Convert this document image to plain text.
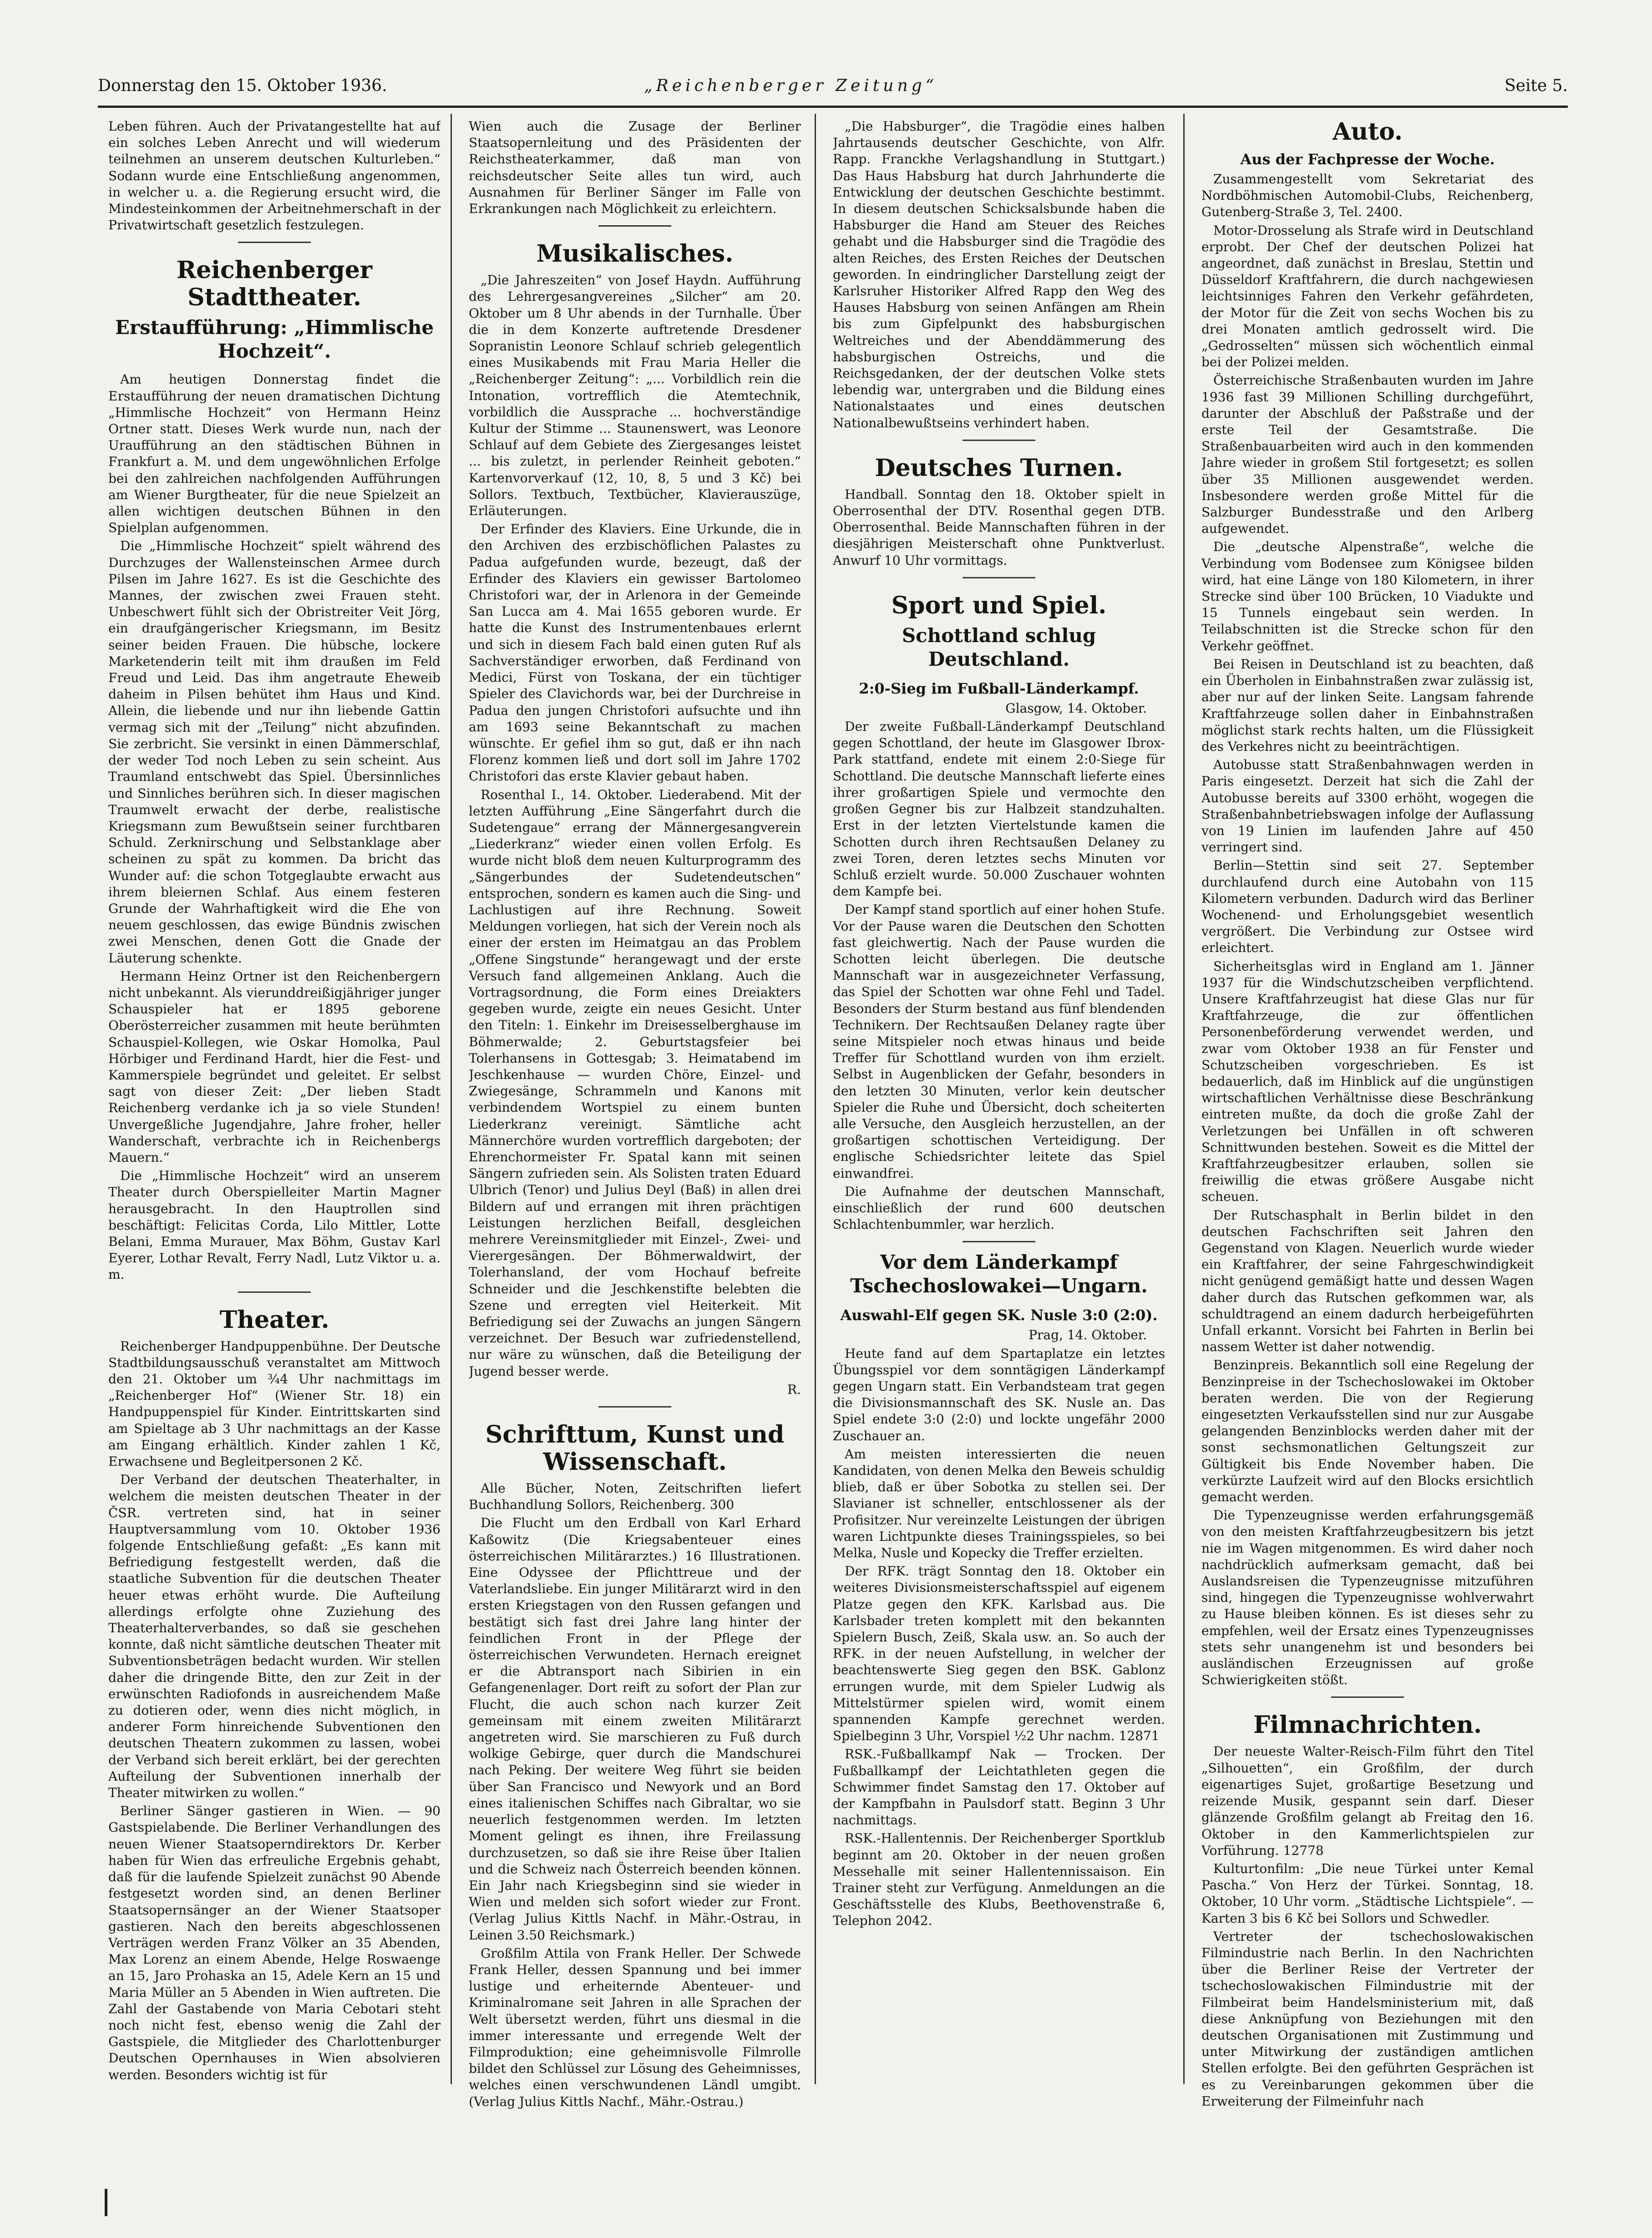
Donnerstag den 15. Oktober 1936.	„Reichenberger Zeitung“	Seite 5.

Leben führen. Auch der Privatangestellte hat auf ein solches Leben Anrecht und will wiederum teilnehmen an unserem deutschen Kulturleben.“ Sodann wurde eine Entschließung angenommen, in welcher u. a. die Regierung ersucht wird, die Mindesteinkommen der Arbeitnehmerschaft in der Privatwirtschaft gesetzlich festzulegen.

Reichenberger Stadttheater.
Erstaufführung: „Himmlische Hochzeit“.

Am heutigen Donnerstag findet die Erstaufführung der neuen dramatischen Dichtung „Himmlische Hochzeit“ von Hermann Heinz Ortner statt. Dieses Werk wurde nun, nach der Uraufführung an den städtischen Bühnen in Frankfurt a. M. und dem ungewöhnlichen Erfolge bei den zahlreichen nachfolgenden Aufführungen am Wiener Burgtheater, für die neue Spielzeit an allen wichtigen deutschen Bühnen in den Spielplan aufgenommen.

Die „Himmlische Hochzeit“ spielt während des Durchzuges der Wallensteinschen Armee durch Pilsen im Jahre 1627. Es ist die Geschichte des Mannes, der zwischen zwei Frauen steht. Unbeschwert fühlt sich der Obristreiter Veit Jörg, ein draufgängerischer Kriegsmann, im Besitz seiner beiden Frauen. Die hübsche, lockere Marketenderin teilt mit ihm draußen im Feld Freud und Leid. Das ihm angetraute Eheweib daheim in Pilsen behütet ihm Haus und Kind. Allein, die liebende und nur ihn liebende Gattin vermag sich mit der „Teilung“ nicht abzufinden. Sie zerbricht. Sie versinkt in einen Dämmerschlaf, der weder Tod noch Leben zu sein scheint. Aus Traumland entschwebt das Spiel. Übersinnliches und Sinnliches berühren sich. In dieser magischen Traumwelt erwacht der derbe, realistische Kriegsmann zum Bewußtsein seiner furchtbaren Schuld. Zerknirschung und Selbstanklage aber scheinen zu spät zu kommen. Da bricht das Wunder auf: die schon Totgeglaubte erwacht aus ihrem bleiernen Schlaf. Aus einem festeren Grunde der Wahrhaftigkeit wird die Ehe von neuem geschlossen, das ewige Bündnis zwischen zwei Menschen, denen Gott die Gnade der Läuterung schenkte.

Hermann Heinz Ortner ist den Reichenbergern nicht unbekannt. Als vierunddreißigjähriger junger Schauspieler hat er 1895 geborene Oberösterreicher zusammen mit heute berühmten Schauspiel-Kollegen, wie Oskar Homolka, Paul Hörbiger und Ferdinand Hardt, hier die Fest- und Kammerspiele begründet und geleitet. Er selbst sagt von dieser Zeit: „Der lieben Stadt Reichenberg verdanke ich ja so viele Stunden! Unvergeßliche Jugendjahre, Jahre froher, heller Wanderschaft, verbrachte ich in Reichenbergs Mauern.“

Die „Himmlische Hochzeit“ wird an unserem Theater durch Oberspielleiter Martin Magner herausgebracht. In den Hauptrollen sind beschäftigt: Felicitas Corda, Lilo Mittler, Lotte Belani, Emma Murauer, Max Böhm, Gustav Karl Eyerer, Lothar Revalt, Ferry Nadl, Lutz Viktor u. a. m.

Theater.

Reichenberger Handpuppenbühne. Der Deutsche Stadtbildungsausschuß veranstaltet am Mittwoch den 21. Oktober um ¾4 Uhr nachmittags im „Reichenberger Hof“ (Wiener Str. 18) ein Handpuppenspiel für Kinder. Eintrittskarten sind am Spieltage ab 3 Uhr nachmittags an der Kasse am Eingang erhältlich. Kinder zahlen 1 Kč, Erwachsene und Begleitpersonen 2 Kč.

Der Verband der deutschen Theaterhalter, in welchem die meisten deutschen Theater in der ČSR. vertreten sind, hat in seiner Hauptversammlung vom 10. Oktober 1936 folgende Entschließung gefaßt: „Es kann mit Befriedigung festgestellt werden, daß die staatliche Subvention für die deutschen Theater heuer etwas erhöht wurde. Die Aufteilung allerdings erfolgte ohne Zuziehung des Theaterhalterverbandes, so daß sie geschehen konnte, daß nicht sämtliche deutschen Theater mit Subventionsbeträgen bedacht wurden. Wir stellen daher die dringende Bitte, den zur Zeit in der erwünschten Radiofonds in ausreichendem Maße zu dotieren oder, wenn dies nicht möglich, in anderer Form hinreichende Subventionen den deutschen Theatern zukommen zu lassen, wobei der Verband sich bereit erklärt, bei der gerechten Aufteilung der Subventionen innerhalb der Theater mitwirken zu wollen.“

Berliner Sänger gastieren in Wien. — 90 Gastspielabende. Die Berliner Verhandlungen des neuen Wiener Staatsoperndirektors Dr. Kerber haben für Wien das erfreuliche Ergebnis gehabt, daß für die laufende Spielzeit zunächst 90 Abende festgesetzt worden sind, an denen Berliner Staatsopernsänger an der Wiener Staatsoper gastieren. Nach den bereits abgeschlossenen Verträgen werden Franz Völker an 35 Abenden, Max Lorenz an einem Abende, Helge Roswaenge an 15, Jaro Prohaska an 15, Adele Kern an 15 und Maria Müller an 5 Abenden in Wien auftreten. Die Zahl der Gastabende von Maria Cebotari steht noch nicht fest, ebenso wenig die Zahl der Gastspiele, die Mitglieder des Charlottenburger Deutschen Opernhauses in Wien absolvieren werden. Besonders wichtig ist für

Wien auch die Zusage der Berliner Staatsopernleitung und des Präsidenten der Reichstheaterkammer, daß man von reichsdeutscher Seite alles tun wird, auch Ausnahmen für Berliner Sänger im Falle von Erkrankungen nach Möglichkeit zu erleichtern.

Musikalisches.

„Die Jahreszeiten“ von Josef Haydn. Aufführung des Lehrergesangvereines „Silcher“ am 20. Oktober um 8 Uhr abends in der Turnhalle. Über die in dem Konzerte auftretende Dresdener Sopranistin Leonore Schlauf schrieb gelegentlich eines Musikabends mit Frau Maria Heller die „Reichenberger Zeitung“: „... Vorbildlich rein die Intonation, vortrefflich die Atemtechnik, vorbildlich die Aussprache ... hochverständige Kultur der Stimme ... Staunenswert, was Leonore Schlauf auf dem Gebiete des Ziergesanges leistet ... bis zuletzt, in perlender Reinheit geboten.“ Kartenvorverkauf (12, 10, 8, 5 und 3 Kč) bei Sollors. Textbuch, Textbücher, Klavierauszüge, Erläuterungen.

Der Erfinder des Klaviers. Eine Urkunde, die in den Archiven des erzbischöflichen Palastes zu Padua aufgefunden wurde, bezeugt, daß der Erfinder des Klaviers ein gewisser Bartolomeo Christofori war, der in Arlenora in der Gemeinde San Lucca am 4. Mai 1655 geboren wurde. Er hatte die Kunst des Instrumentenbaues erlernt und sich in diesem Fach bald einen guten Ruf als Sachverständiger erworben, daß Ferdinand von Medici, Fürst von Toskana, der ein tüchtiger Spieler des Clavichords war, bei der Durchreise in Padua den jungen Christofori aufsuchte und ihn am 1693 seine Bekanntschaft zu machen wünschte. Er gefiel ihm so gut, daß er ihn nach Florenz kommen ließ und dort soll im Jahre 1702 Christofori das erste Klavier gebaut haben.

Rosenthal I., 14. Oktober. Liederabend. Mit der letzten Aufführung „Eine Sängerfahrt durch die Sudetengaue“ errang der Männergesangverein „Liederkranz“ wieder einen vollen Erfolg. Es wurde nicht bloß dem neuen Kulturprogramm des „Sängerbundes der Sudetendeutschen“ entsprochen, sondern es kamen auch die Sing- und Lachlustigen auf ihre Rechnung. Soweit Meldungen vorliegen, hat sich der Verein noch als einer der ersten im Heimatgau an das Problem „Offene Singstunde“ herangewagt und der erste Versuch fand allgemeinen Anklang. Auch die Vortragsordnung, die Form eines Dreiakters gegeben wurde, zeigte ein neues Gesicht. Unter den Titeln: 1. Einkehr im Dreisesselberghause im Böhmerwalde; 2. Geburtstagsfeier bei Tolerhansens in Gottesgab; 3. Heimatabend im Jeschkenhause — wurden Chöre, Einzel- und Zwiegesänge, Schrammeln und Kanons mit verbindendem Wortspiel zu einem bunten Liederkranz vereinigt. Sämtliche acht Männerchöre wurden vortrefflich dargeboten; der Ehrenchormeister Fr. Spatal kann mit seinen Sängern zufrieden sein. Als Solisten traten Eduard Ulbrich (Tenor) und Julius Deyl (Baß) in allen drei Bildern auf und errangen mit ihren prächtigen Leistungen herzlichen Beifall, desgleichen mehrere Vereinsmitglieder mit Einzel-, Zwei- und Vierergesängen. Der Böhmerwaldwirt, der Tolerhansland, der vom Hochauf befreite Schneider und die Jeschkenstifte belebten die Szene und erregten viel Heiterkeit. Mit Befriedigung sei der Zuwachs an jungen Sängern verzeichnet. Der Besuch war zufriedenstellend, nur wäre zu wünschen, daß die Beteiligung der Jugend besser werde.

R.

Schrifttum, Kunst und Wissenschaft.

Alle Bücher, Noten, Zeitschriften liefert Buchhandlung Sollors, Reichenberg. 300

Die Flucht um den Erdball von Karl Erhard Kaßowitz (Die Kriegsabenteuer eines österreichischen Militärarztes.) 16 Illustrationen. Eine Odyssee der Pflichttreue und der Vaterlandsliebe. Ein junger Militärarzt wird in den ersten Kriegstagen von den Russen gefangen und bestätigt sich fast drei Jahre lang hinter der feindlichen Front in der Pflege der österreichischen Verwundeten. Hernach ereignet er die Abtransport nach Sibirien in ein Gefangenenlager. Dort reift zu sofort der Plan zur Flucht, die auch schon nach kurzer Zeit gemeinsam mit einem zweiten Militärarzt angetreten wird. Sie marschieren zu Fuß durch wolkige Gebirge, quer durch die Mandschurei nach Peking. Der weitere Weg führt sie beiden über San Francisco und Newyork und an Bord eines italienischen Schiffes nach Gibraltar, wo sie neuerlich festgenommen werden. Im letzten Moment gelingt es ihnen, ihre Freilassung durchzusetzen, so daß sie ihre Reise über Italien und die Schweiz nach Österreich beenden können. Ein Jahr nach Kriegsbeginn sind sie wieder in Wien und melden sich sofort wieder zur Front. (Verlag Julius Kittls Nachf. in Mähr.-Ostrau, in Leinen 3.50 Reichsmark.)

Großfilm Attila von Frank Heller. Der Schwede Frank Heller, dessen Spannung und bei immer lustige und erheiternde Abenteuer- und Kriminalromane seit Jahren in alle Sprachen der Welt übersetzt werden, führt uns diesmal in die immer interessante und erregende Welt der Filmproduktion; eine geheimnisvolle Filmrolle bildet den Schlüssel zur Lösung des Geheimnisses, welches einen verschwundenen Ländl umgibt. (Verlag Julius Kittls Nachf., Mähr.-Ostrau.)

„Die Habsburger“, die Tragödie eines halben Jahrtausends deutscher Geschichte, von Alfr. Rapp. Franckhe Verlagshandlung in Stuttgart.) Das Haus Habsburg hat durch Jahrhunderte die Entwicklung der deutschen Geschichte bestimmt. In diesem deutschen Schicksalsbunde haben die Habsburger die Hand am Steuer des Reiches gehabt und die Habsburger sind die Tragödie des alten Reiches, des Ersten Reiches der Deutschen geworden. In eindringlicher Darstellung zeigt der Karlsruher Historiker Alfred Rapp den Weg des Hauses Habsburg von seinen Anfängen am Rhein bis zum Gipfelpunkt des habsburgischen Weltreiches und der Abenddämmerung des habsburgischen Ostreichs, und die Reichsgedanken, der der deutschen Volke stets lebendig war, untergraben und die Bildung eines Nationalstaates und eines deutschen Nationalbewußtseins verhindert haben.

Deutsches Turnen.

Handball. Sonntag den 18. Oktober spielt in Oberrosenthal der DTV. Rosenthal gegen DTB. Oberrosenthal. Beide Mannschaften führen in der diesjährigen Meisterschaft ohne Punktverlust. Anwurf 10 Uhr vormittags.

Sport und Spiel.
Schottland schlug Deutschland.
2:0-Sieg im Fußball-Länderkampf.

Glasgow, 14. Oktober.

Der zweite Fußball-Länderkampf Deutschland gegen Schottland, der heute im Glasgower Ibrox-Park stattfand, endete mit einem 2:0-Siege für Schottland. Die deutsche Mannschaft lieferte eines ihrer großartigen Spiele und vermochte den großen Gegner bis zur Halbzeit standzuhalten. Erst in der letzten Viertelstunde kamen die Schotten durch ihren Rechtsaußen Delaney zu zwei Toren, deren letztes sechs Minuten vor Schluß erzielt wurde. 50.000 Zuschauer wohnten dem Kampfe bei.

Der Kampf stand sportlich auf einer hohen Stufe. Vor der Pause waren die Deutschen den Schotten fast gleichwertig. Nach der Pause wurden die Schotten leicht überlegen. Die deutsche Mannschaft war in ausgezeichneter Verfassung, das Spiel der Schotten war ohne Fehl und Tadel. Besonders der Sturm bestand aus fünf blendenden Technikern. Der Rechtsaußen Delaney ragte über seine Mitspieler noch etwas hinaus und beide Treffer für Schottland wurden von ihm erzielt. Selbst in Augenblicken der Gefahr, besonders in den letzten 30 Minuten, verlor kein deutscher Spieler die Ruhe und Übersicht, doch scheiterten alle Versuche, den Ausgleich herzustellen, an der großartigen schottischen Verteidigung. Der englische Schiedsrichter leitete das Spiel einwandfrei.

Die Aufnahme der deutschen Mannschaft, einschließlich der rund 600 deutschen Schlachtenbummler, war herzlich.

Vor dem Länderkampf Tschechoslowakei—Ungarn.
Auswahl-Elf gegen SK. Nusle 3:0 (2:0).

Prag, 14. Oktober.

Heute fand auf dem Spartaplatze ein letztes Übungsspiel vor dem sonntägigen Länderkampf gegen Ungarn statt. Ein Verbandsteam trat gegen die Divisionsmannschaft des SK. Nusle an. Das Spiel endete 3:0 (2:0) und lockte ungefähr 2000 Zuschauer an.

Am meisten interessierten die neuen Kandidaten, von denen Melka den Beweis schuldig blieb, daß er über Sobotka zu stellen sei. Der Slavianer ist schneller, entschlossener als der Profisitzer. Nur vereinzelte Leistungen der übrigen waren Lichtpunkte dieses Trainingsspieles, so bei Melka, Nusle und Kopecky die Treffer erzielten.

Der RFK. trägt Sonntag den 18. Oktober ein weiteres Divisionsmeisterschaftsspiel auf eigenem Platze gegen den KFK. Karlsbad aus. Die Karlsbader treten komplett mit den bekannten Spielern Busch, Zeiß, Skala usw. an. So auch der RFK. in der neuen Aufstellung, in welcher der beachtenswerte Sieg gegen den BSK. Gablonz errungen wurde, mit dem Spieler Ludwig als Mittelstürmer spielen wird, womit einem spannenden Kampfe gerechnet werden. Spielbeginn 3 Uhr, Vorspiel ½2 Uhr nachm. 12871

RSK.-Fußballkampf Nak — Trocken. Der Fußballkampf der Leichtathleten gegen die Schwimmer findet Samstag den 17. Oktober auf der Kampfbahn in Paulsdorf statt. Beginn 3 Uhr nachmittags.

RSK.-Hallentennis. Der Reichenberger Sportklub beginnt am 20. Oktober in der neuen großen Messehalle mit seiner Hallentennissaison. Ein Trainer steht zur Verfügung. Anmeldungen an die Geschäftsstelle des Klubs, Beethovenstraße 6, Telephon 2042.

Auto.
Aus der Fachpresse der Woche.

Zusammengestellt vom Sekretariat des Nordböhmischen Automobil-Clubs, Reichenberg, Gutenberg-Straße 3, Tel. 2400.

Motor-Drosselung als Strafe wird in Deutschland erprobt. Der Chef der deutschen Polizei hat angeordnet, daß zunächst in Breslau, Stettin und Düsseldorf Kraftfahrern, die durch nachgewiesen leichtsinniges Fahren den Verkehr gefährdeten, der Motor für die Zeit von sechs Wochen bis zu drei Monaten amtlich gedrosselt wird. Die „Gedrosselten“ müssen sich wöchentlich einmal bei der Polizei melden.

Österreichische Straßenbauten wurden im Jahre 1936 fast 39 Millionen Schilling durchgeführt, darunter der Abschluß der Paßstraße und der erste Teil der Gesamtstraße. Die Straßenbauarbeiten wird auch in den kommenden Jahre wieder in großem Stil fortgesetzt; es sollen über 35 Millionen ausgewendet werden. Insbesondere werden große Mittel für die Salzburger Bundesstraße und den Arlberg aufgewendet.

Die „deutsche Alpenstraße“, welche die Verbindung vom Bodensee zum Königsee bilden wird, hat eine Länge von 180 Kilometern, in ihrer Strecke sind über 100 Brücken, 10 Viadukte und 15 Tunnels eingebaut sein werden. In Teilabschnitten ist die Strecke schon für den Verkehr geöffnet.

Bei Reisen in Deutschland ist zu beachten, daß ein Überholen in Einbahnstraßen zwar zulässig ist, aber nur auf der linken Seite. Langsam fahrende Kraftfahrzeuge sollen daher in Einbahnstraßen möglichst stark rechts halten, um die Flüssigkeit des Verkehres nicht zu beeinträchtigen.

Autobusse statt Straßenbahnwagen werden in Paris eingesetzt. Derzeit hat sich die Zahl der Autobusse bereits auf 3300 erhöht, wogegen die Straßenbahnbetriebswagen infolge der Auflassung von 19 Linien im laufenden Jahre auf 450 verringert sind.

Berlin—Stettin sind seit 27. September durchlaufend durch eine Autobahn von 115 Kilometern verbunden. Dadurch wird das Berliner Wochenend- und Erholungsgebiet wesentlich vergrößert. Die Verbindung zur Ostsee wird erleichtert.

Sicherheitsglas wird in England am 1. Jänner 1937 für die Windschutzscheiben verpflichtend. Unsere Kraftfahrzeugist hat diese Glas nur für Kraftfahrzeuge, die zur öffentlichen Personenbeförderung verwendet werden, und zwar vom Oktober 1938 an für Fenster und Schutzscheiben vorgeschrieben. Es ist bedauerlich, daß im Hinblick auf die ungünstigen wirtschaftlichen Verhältnisse diese Beschränkung eintreten mußte, da doch die große Zahl der Verletzungen bei Unfällen in oft schweren Schnittwunden bestehen. Soweit es die Mittel der Kraftfahrzeugbesitzer erlauben, sollen sie freiwillig die etwas größere Ausgabe nicht scheuen.

Der Rutschasphalt in Berlin bildet in den deutschen Fachschriften seit Jahren den Gegenstand von Klagen. Neuerlich wurde wieder ein Kraftfahrer, der seine Fahrgeschwindigkeit nicht genügend gemäßigt hatte und dessen Wagen daher durch das Rutschen gefkommen war, als schuldtragend an einem dadurch herbeigeführten Unfall erkannt. Vorsicht bei Fahrten in Berlin bei nassem Wetter ist daher notwendig.

Benzinpreis. Bekanntlich soll eine Regelung der Benzinpreise in der Tschechoslowakei im Oktober beraten werden. Die von der Regierung eingesetzten Verkaufsstellen sind nur zur Ausgabe gelangenden Benzinblocks werden daher mit der sonst sechsmonatlichen Geltungszeit zur Gültigkeit bis Ende November haben. Die verkürzte Laufzeit wird auf den Blocks ersichtlich gemacht werden.

Die Typenzeugnisse werden erfahrungsgemäß von den meisten Kraftfahrzeugbesitzern bis jetzt nie im Wagen mitgenommen. Es wird daher noch nachdrücklich aufmerksam gemacht, daß bei Auslandsreisen die Typenzeugnisse mitzuführen sind, hingegen die Typenzeugnisse wohlverwahrt zu Hause bleiben können. Es ist dieses sehr zu empfehlen, weil der Ersatz eines Typenzeugnisses stets sehr unangenehm ist und besonders bei ausländischen Erzeugnissen auf große Schwierigkeiten stößt.

Filmnachrichten.

Der neueste Walter-Reisch-Film führt den Titel „Silhouetten“, ein Großfilm, der durch eigenartiges Sujet, großartige Besetzung und reizende Musik, gespannt sein darf. Dieser glänzende Großfilm gelangt ab Freitag den 16. Oktober in den Kammerlichtspielen zur Vorführung. 12778

Kulturtonfilm: „Die neue Türkei unter Kemal Pascha.“ Von Herz der Türkei. Sonntag, 18. Oktober, 10 Uhr vorm. „Städtische Lichtspiele“. — Karten 3 bis 6 Kč bei Sollors und Schwedler.

Vertreter der tschechoslowakischen Filmindustrie nach Berlin. In den Nachrichten über die Berliner Reise der Vertreter der tschechoslowakischen Filmindustrie mit der Filmbeirat beim Handelsministerium mit, daß diese Anknüpfung von Beziehungen mit den deutschen Organisationen mit Zustimmung und unter Mitwirkung der zuständigen amtlichen Stellen erfolgte. Bei den geführten Gesprächen ist es zu Vereinbarungen gekommen über die Erweiterung der Filmeinfuhr nach
